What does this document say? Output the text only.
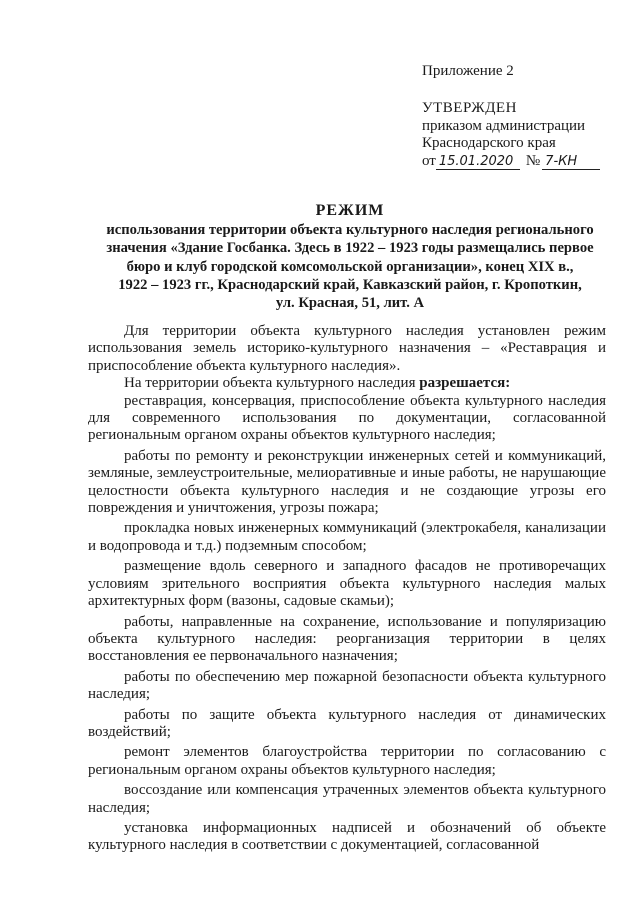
Приложение 2
УТВЕРЖДЕН
приказом администрации
Краснодарского края
от 15.01.2020 № 7-КН
РЕЖИМ
использования территории объекта культурного наследия регионального
значения «Здание Госбанка. Здесь в 1922 – 1923 годы размещались первое
бюро и клуб городской комсомольской организации», конец XIX в.,
1922 – 1923 гг., Краснодарский край, Кавказский район, г. Кропоткин,
ул. Красная, 51, лит. А

Для территории объекта культурного наследия установлен режим использования земель историко-культурного назначения – «Реставрация и приспособление объекта культурного наследия».

На территории объекта культурного наследия разрешается:

реставрация, консервация, приспособление объекта культурного наследия для современного использования по документации, согласованной региональным органом охраны объектов культурного наследия;

работы по ремонту и реконструкции инженерных сетей и коммуникаций, земляные, землеустроительные, мелиоративные и иные работы, не нарушающие целостности объекта культурного наследия и не создающие угрозы его повреждения и уничтожения, угрозы пожара;

прокладка новых инженерных коммуникаций (электрокабеля, канализации и водопровода и т.д.) подземным способом;

размещение вдоль северного и западного фасадов не противоречащих условиям зрительного восприятия объекта культурного наследия малых архитектурных форм (вазоны, садовые скамьи);

работы, направленные на сохранение, использование и популяризацию объекта культурного наследия: реорганизация территории в целях восстановления ее первоначального назначения;

работы по обеспечению мер пожарной безопасности объекта культурного наследия;

работы по защите объекта культурного наследия от динамических воздействий;

ремонт элементов благоустройства территории по согласованию с региональным органом охраны объектов культурного наследия;

воссоздание или компенсация утраченных элементов объекта культурного наследия;

установка информационных надписей и обозначений об объекте культурного наследия в соответствии с документацией, согласованной
